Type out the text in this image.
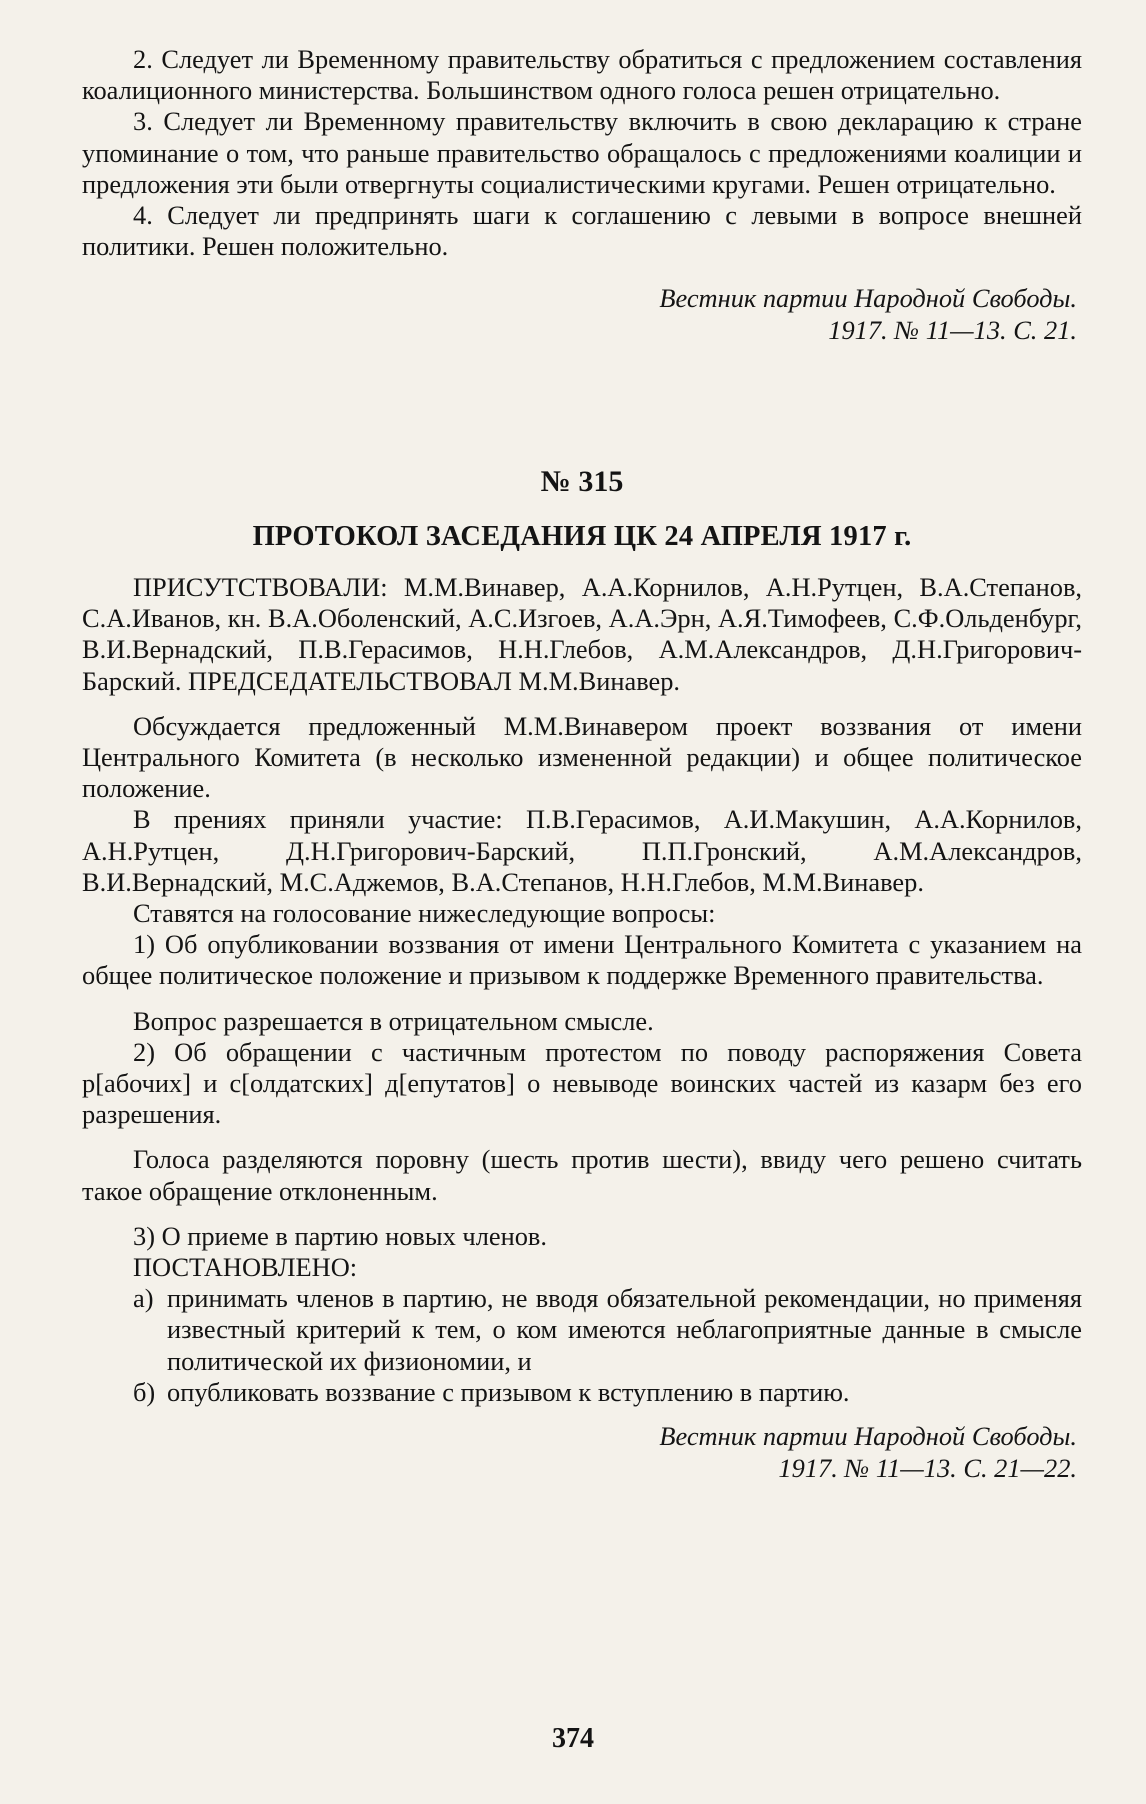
2. Следует ли Временному правительству обратиться с предложением составления коалиционного министерства. Большинством одного голоса решен отрицательно.

3. Следует ли Временному правительству включить в свою декларацию к стране упоминание о том, что раньше правительство обращалось с предложениями коалиции и предложения эти были отвергнуты социалистическими кругами. Решен отрицательно.

4. Следует ли предпринять шаги к соглашению с левыми в вопросе внешней политики. Решен положительно.

Вестник партии Народной Свободы.
1917. № 11—13. С. 21.
№ 315
ПРОТОКОЛ ЗАСЕДАНИЯ ЦК 24 АПРЕЛЯ 1917 г.

ПРИСУТСТВОВАЛИ: М.М.Винавер, А.А.Корнилов, А.Н.Рутцен, В.А.Степанов, С.А.Иванов, кн. В.А.Оболенский, А.С.Изгоев, А.А.Эрн, А.Я.Тимофеев, С.Ф.Ольденбург, В.И.Вернадский, П.В.Герасимов, Н.Н.Глебов, А.М.Александров, Д.Н.Григорович-Барский. ПРЕДСЕДАТЕЛЬСТВОВАЛ М.М.Винавер.

Обсуждается предложенный М.М.Винавером проект воззвания от имени Центрального Комитета (в несколько измененной редакции) и общее политическое положение.

В прениях приняли участие: П.В.Герасимов, А.И.Макушин, А.А.Корнилов, А.Н.Рутцен, Д.Н.Григорович-Барский, П.П.Гронский, А.М.Александров, В.И.Вернадский, М.С.Аджемов, В.А.Степанов, Н.Н.Глебов, М.М.Винавер.

Ставятся на голосование нижеследующие вопросы:

1) Об опубликовании воззвания от имени Центрального Комитета с указанием на общее политическое положение и призывом к поддержке Временного правительства.

Вопрос разрешается в отрицательном смысле.

2) Об обращении с частичным протестом по поводу распоряжения Совета р[абочих] и с[олдатских] д[епутатов] о невыводе воинских частей из казарм без его разрешения.

Голоса разделяются поровну (шесть против шести), ввиду чего решено считать такое обращение отклоненным.

3) О приеме в партию новых членов.

ПОСТАНОВЛЕНО:

а) принимать членов в партию, не вводя обязательной рекомендации, но применяя известный критерий к тем, о ком имеются неблагоприятные данные в смысле политической их физиономии, и

б) опубликовать воззвание с призывом к вступлению в партию.

Вестник партии Народной Свободы.
1917. № 11—13. С. 21—22.
374
